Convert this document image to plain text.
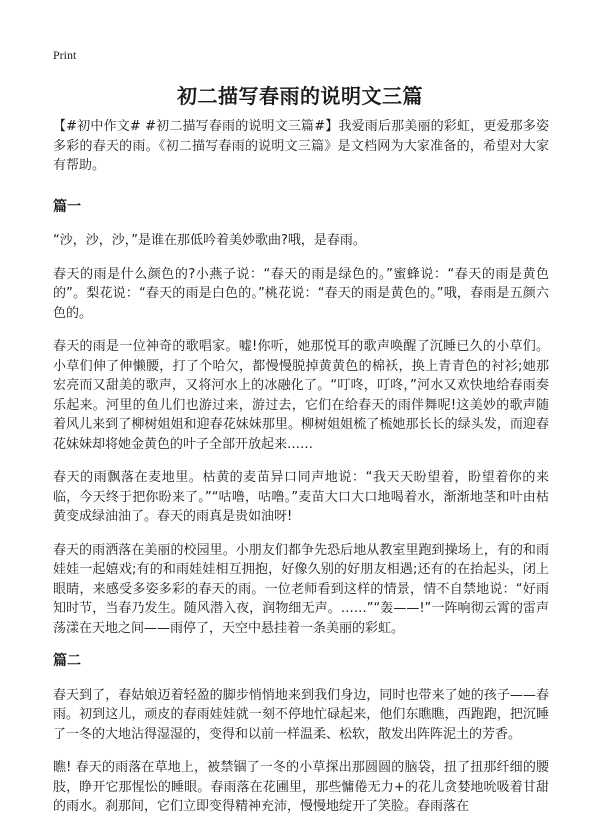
Print
初二描写春雨的说明文三篇

【#初中作文# #初二描写春雨的说明文三篇#】我爱雨后那美丽的彩虹，更爱那多姿多彩的春天的雨。《初二描写春雨的说明文三篇》是文档网为大家准备的，希望对大家有帮助。

篇一

“沙，沙，沙，”是谁在那低吟着美妙歌曲?哦，是春雨。

春天的雨是什么颜色的?小燕子说：“春天的雨是绿色的。”蜜蜂说：“春天的雨是黄色的”。梨花说：“春天的雨是白色的。”桃花说：“春天的雨是黄色的。”哦，春雨是五颜六色的。

春天的雨是一位神奇的歌唱家。嘘!你听，她那悦耳的歌声唤醒了沉睡已久的小草们。小草们伸了伸懒腰，打了个哈欠，都慢慢脱掉黄黄色的棉袄，换上青青色的衬衫;她那宏亮而又甜美的歌声，又将河水上的冰融化了。“叮咚，叮咚，”河水又欢快地给春雨奏乐起来。河里的鱼儿们也游过来，游过去，它们在给春天的雨伴舞呢!这美妙的歌声随着风儿来到了柳树姐姐和迎春花妹妹那里。柳树姐姐梳了梳她那长长的绿头发，而迎春花妹妹却将她金黄色的叶子全部开放起来……

春天的雨飘落在麦地里。枯黄的麦苗异口同声地说：“我天天盼望着，盼望着你的来临，今天终于把你盼来了。”“咕噜，咕噜。”麦苗大口大口地喝着水，渐渐地茎和叶由枯黄变成绿油油了。春天的雨真是贵如油呀!

春天的雨洒落在美丽的校园里。小朋友们都争先恐后地从教室里跑到操场上，有的和雨娃娃一起嬉戏;有的和雨娃娃相互拥抱，好像久别的好朋友相遇;还有的在抬起头，闭上眼睛，来感受多姿多彩的春天的雨。一位老师看到这样的情景，情不自禁地说：“好雨知时节，当春乃发生。随风潜入夜，润物细无声。……”“轰——!”一阵响彻云霄的雷声荡漾在天地之间——雨停了，天空中悬挂着一条美丽的彩虹。

篇二

春天到了，春姑娘迈着轻盈的脚步悄悄地来到我们身边，同时也带来了她的孩子——春雨。初到这儿，顽皮的春雨娃娃就一刻不停地忙碌起来，他们东瞧瞧，西跑跑，把沉睡了一冬的大地沾得湿湿的，变得和以前一样温柔、松软，散发出阵阵泥土的芳香。

瞧! 春天的雨落在草地上，被禁锢了一冬的小草探出那圆圆的脑袋，扭了扭那纤细的腰肢，睁开它那惺忪的睡眼。春雨落在花圃里，那些慵倦无力+的花儿贪婪地吮吸着甘甜的雨水。刹那间，它们立即变得精神充沛，慢慢地绽开了笑脸。春雨落在
